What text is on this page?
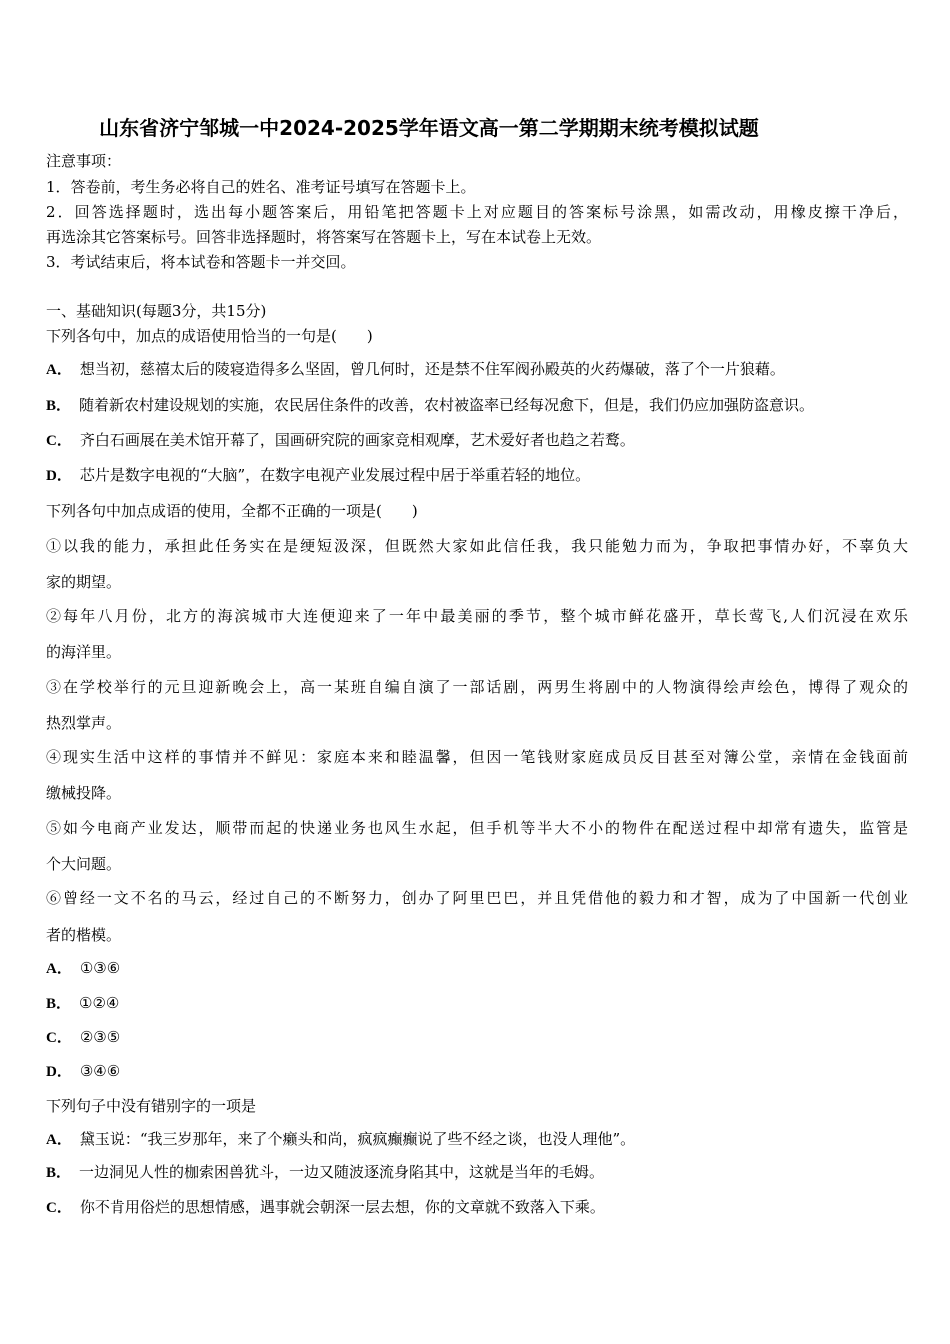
山东省济宁邹城一中2024-2025学年语文高一第二学期期末统考模拟试题
注意事项：
1．答卷前，考生务必将自己的姓名、准考证号填写在答题卡上。
2．回答选择题时，选出每小题答案后，用铅笔把答题卡上对应题目的答案标号涂黑，如需改动，用橡皮擦干净后，
再选涂其它答案标号。回答非选择题时，将答案写在答题卡上，写在本试卷上无效。
3．考试结束后，将本试卷和答题卡一并交回。
一、基础知识(每题3分，共15分)
下列各句中，加点的成语使用恰当的一句是(　　)
A． 想当初，慈禧太后的陵寝造得多么坚固，曾几何时，还是禁不住军阀孙殿英的火药爆破，落了个一片狼藉。
B． 随着新农村建设规划的实施，农民居住条件的改善，农村被盗率已经每况愈下，但是，我们仍应加强防盗意识。
C． 齐白石画展在美术馆开幕了，国画研究院的画家竞相观摩，艺术爱好者也趋之若鹜。
D． 芯片是数字电视的“大脑”，在数字电视产业发展过程中居于举重若轻的地位。
下列各句中加点成语的使用，全都不正确的一项是(　　)
①以我的能力，承担此任务实在是绠短汲深，但既然大家如此信任我，我只能勉力而为，争取把事情办好，不辜负大
家的期望。
②每年八月份，北方的海滨城市大连便迎来了一年中最美丽的季节，整个城市鲜花盛开，草长莺飞,人们沉浸在欢乐
的海洋里。
③在学校举行的元旦迎新晚会上，高一某班自编自演了一部话剧，两男生将剧中的人物演得绘声绘色，博得了观众的
热烈掌声。
④现实生活中这样的事情并不鲜见：家庭本来和睦温馨，但因一笔钱财家庭成员反目甚至对簿公堂，亲情在金钱面前
缴械投降。
⑤如今电商产业发达，顺带而起的快递业务也风生水起，但手机等半大不小的物件在配送过程中却常有遗失，监管是
个大问题。
⑥曾经一文不名的马云，经过自己的不断努力，创办了阿里巴巴，并且凭借他的毅力和才智，成为了中国新一代创业
者的楷模。
A． ①③⑥
B． ①②④
C． ②③⑤
D． ③④⑥
下列句子中没有错别字的一项是
A． 黛玉说：“我三岁那年，来了个癞头和尚，疯疯癫癫说了些不经之谈，也没人理他”。
B． 一边洞见人性的枷索困兽犹斗，一边又随波逐流身陷其中，这就是当年的毛姆。
C． 你不肯用俗烂的思想情感，遇事就会朝深一层去想，你的文章就不致落入下乘。
